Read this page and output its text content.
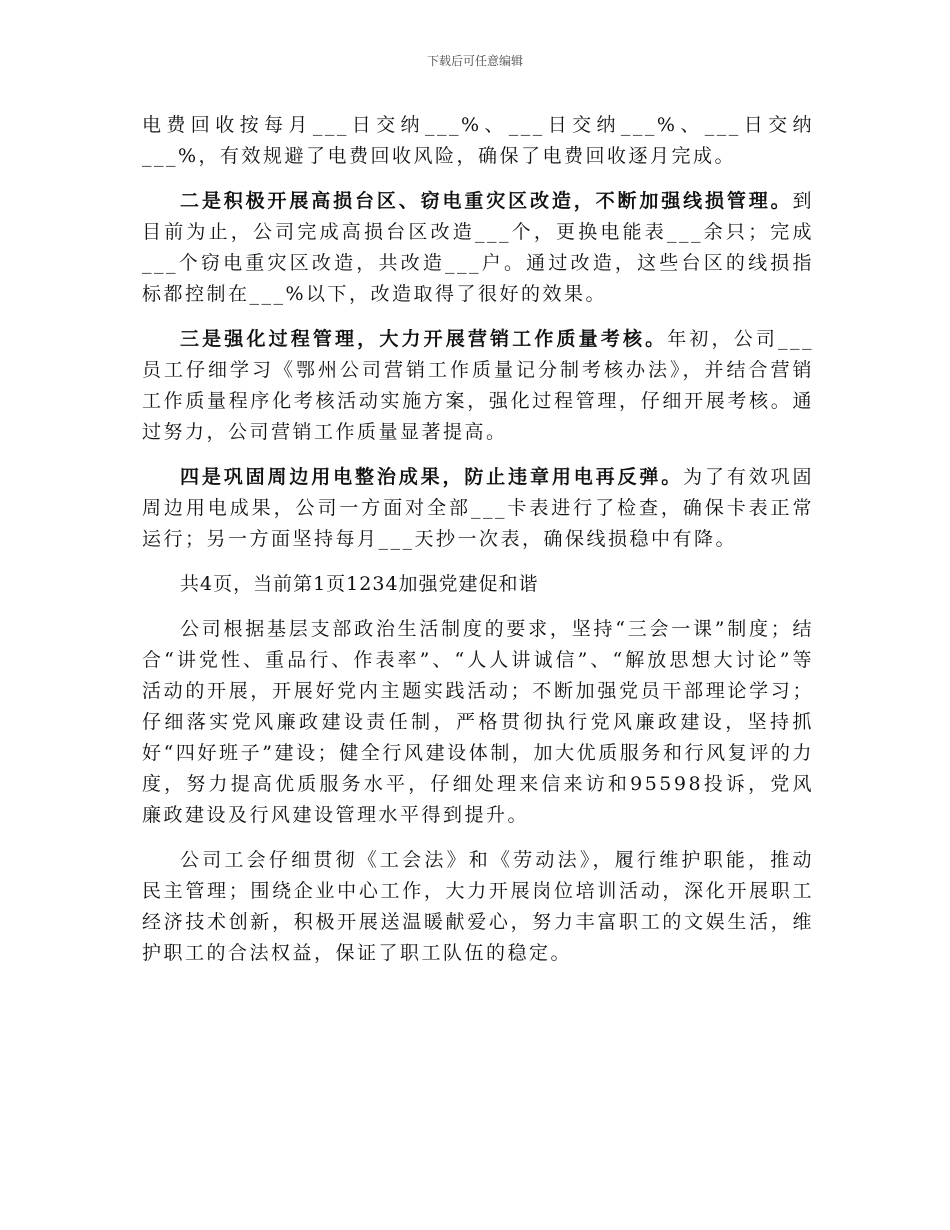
下载后可任意编辑

电费回收按每月___日交纳___%、___日交纳___%、___日交纳___%，有效规避了电费回收风险，确保了电费回收逐月完成。

二是积极开展高损台区、窃电重灾区改造，不断加强线损管理。到目前为止，公司完成高损台区改造___个，更换电能表___余只；完成___个窃电重灾区改造，共改造___户。通过改造，这些台区的线损指标都控制在___%以下，改造取得了很好的效果。

三是强化过程管理，大力开展营销工作质量考核。年初，公司___员工仔细学习《鄂州公司营销工作质量记分制考核办法》，并结合营销工作质量程序化考核活动实施方案，强化过程管理，仔细开展考核。通过努力，公司营销工作质量显著提高。

四是巩固周边用电整治成果，防止违章用电再反弹。为了有效巩固周边用电成果，公司一方面对全部___卡表进行了检查，确保卡表正常运行；另一方面坚持每月___天抄一次表，确保线损稳中有降。

共4页，当前第1页1234加强党建促和谐

公司根据基层支部政治生活制度的要求，坚持“三会一课”制度；结合“讲党性、重品行、作表率”、“人人讲诚信”、“解放思想大讨论”等活动的开展，开展好党内主题实践活动；不断加强党员干部理论学习；仔细落实党风廉政建设责任制，严格贯彻执行党风廉政建设，坚持抓好“四好班子”建设；健全行风建设体制，加大优质服务和行风复评的力度，努力提高优质服务水平，仔细处理来信来访和95598投诉，党风廉政建设及行风建设管理水平得到提升。

公司工会仔细贯彻《工会法》和《劳动法》，履行维护职能，推动民主管理；围绕企业中心工作，大力开展岗位培训活动，深化开展职工经济技术创新，积极开展送温暖献爱心，努力丰富职工的文娱生活，维护职工的合法权益，保证了职工队伍的稳定。
